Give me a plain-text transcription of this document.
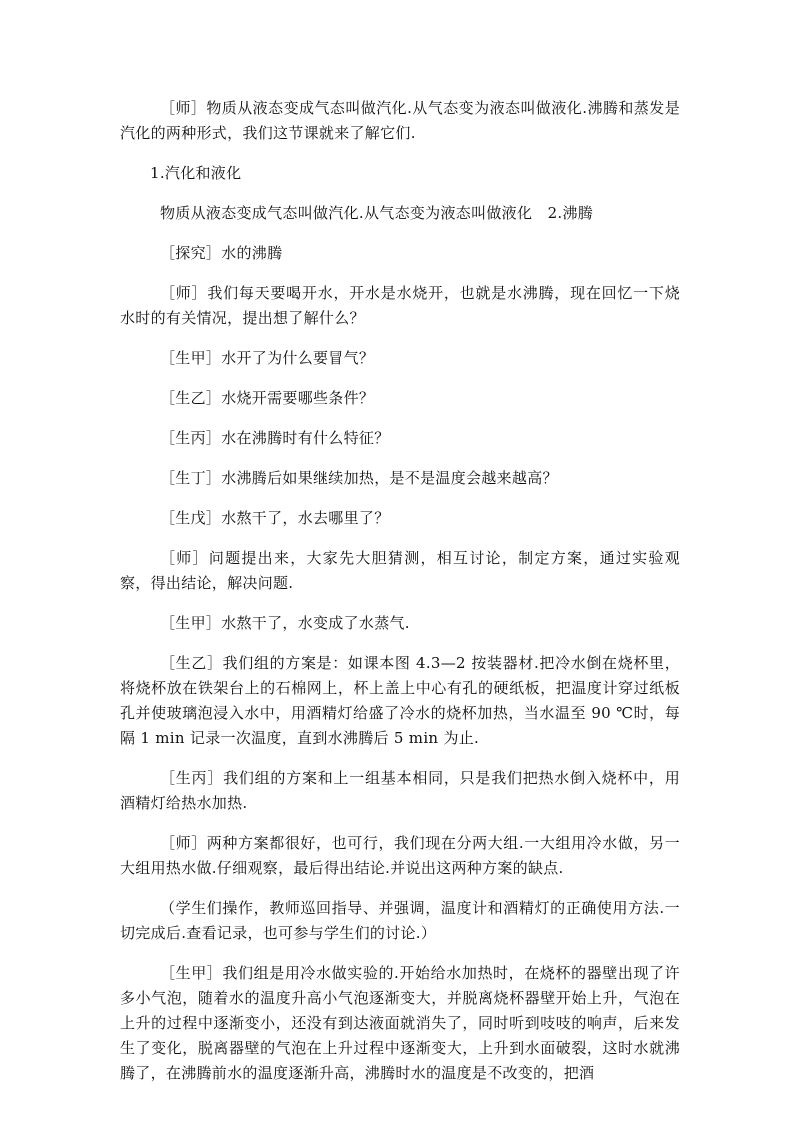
［师］物质从液态变成气态叫做汽化.从气态变为液态叫做液化.沸腾和蒸发是汽化的两种形式，我们这节课就来了解它们.

1.汽化和液化

物质从液态变成气态叫做汽化.从气态变为液态叫做液化　2.沸腾

［探究］水的沸腾

［师］我们每天要喝开水，开水是水烧开，也就是水沸腾，现在回忆一下烧水时的有关情况，提出想了解什么？

［生甲］水开了为什么要冒气？

［生乙］水烧开需要哪些条件？

［生丙］水在沸腾时有什么特征？

［生丁］水沸腾后如果继续加热，是不是温度会越来越高？

［生戊］水熬干了，水去哪里了？

［师］问题提出来，大家先大胆猜测，相互讨论，制定方案，通过实验观察，得出结论，解决问题.

［生甲］水熬干了，水变成了水蒸气.

［生乙］我们组的方案是：如课本图 4.3—2 按装器材.把冷水倒在烧杯里，将烧杯放在铁架台上的石棉网上，杯上盖上中心有孔的硬纸板，把温度计穿过纸板孔并使玻璃泡浸入水中，用酒精灯给盛了冷水的烧杯加热，当水温至 90 ℃时，每隔 1 min 记录一次温度，直到水沸腾后 5 min 为止.

［生丙］我们组的方案和上一组基本相同，只是我们把热水倒入烧杯中，用酒精灯给热水加热.

［师］两种方案都很好，也可行，我们现在分两大组.一大组用冷水做，另一大组用热水做.仔细观察，最后得出结论.并说出这两种方案的缺点.

（学生们操作，教师巡回指导、并强调，温度计和酒精灯的正确使用方法.一切完成后.查看记录，也可参与学生们的讨论.）

［生甲］我们组是用冷水做实验的.开始给水加热时，在烧杯的器壁出现了许多小气泡，随着水的温度升高小气泡逐渐变大，并脱离烧杯器壁开始上升，气泡在上升的过程中逐渐变小，还没有到达液面就消失了，同时听到吱吱的响声，后来发生了变化，脱离器壁的气泡在上升过程中逐渐变大，上升到水面破裂，这时水就沸腾了，在沸腾前水的温度逐渐升高，沸腾时水的温度是不改变的，把酒
